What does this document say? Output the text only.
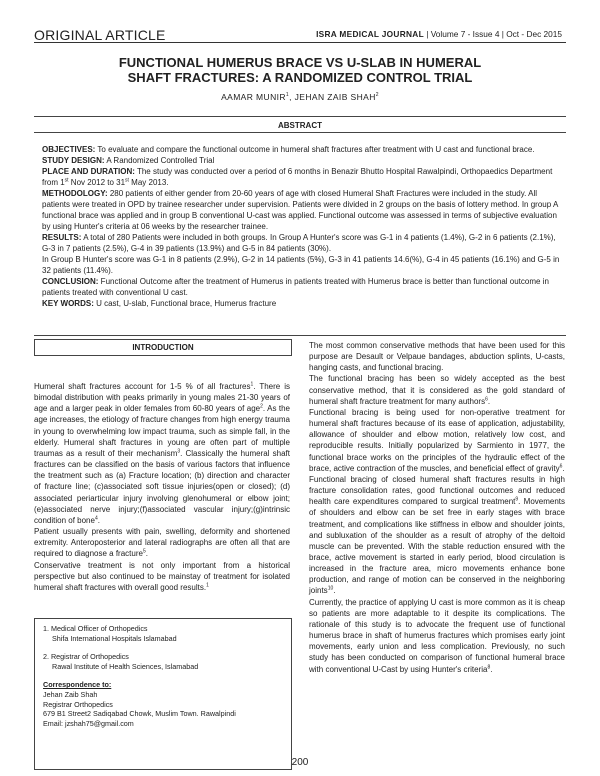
ORIGINAL ARTICLE	ISRA MEDICAL JOURNAL | Volume 7 - Issue 4 | Oct - Dec 2015
FUNCTIONAL HUMERUS BRACE VS U-SLAB IN HUMERAL
SHAFT FRACTURES: A RANDOMIZED CONTROL TRIAL
AAMAR MUNIR$^1$, JEHAN ZAIB SHAH$^2$
ABSTRACT

OBJECTIVES: To evaluate and compare the functional outcome in humeral shaft fractures after treatment with U cast and functional brace.

STUDY DESIGN: A Randomized Controlled Trial

PLACE AND DURATION: The study was conducted over a period of 6 months in Benazir Bhutto Hospital Rawalpindi, Orthopaedics Department from 1st Nov 2012 to 31st May 2013.

METHODOLOGY: 280 patients of either gender from 20-60 years of age with closed Humeral Shaft Fractures were included in the study. All patients were treated in OPD by trainee researcher under supervision. Patients were divided in 2 groups on the basis of lottery method. In group A functional brace was applied and in group B conventional U-cast was applied. Functional outcome was assessed in terms of subjective evaluation by using Hunter's criteria at 06 weeks by the researcher trainee.

RESULTS: A total of 280 Patients were included in both groups. In Group A Hunter's score was G-1 in 4 patients (1.4%), G-2 in 6 patients (2.1%), G-3 in 7 patients (2.5%), G-4 in 39 patients (13.9%) and G-5 in 84 patients (30%).

In Group B Hunter's score was G-1 in 8 patients (2.9%), G-2 in 14 patients (5%), G-3 in 41 patients 14.6(%), G-4 in 45 patients (16.1%) and G-5 in 32 patients (11.4%).

CONCLUSION: Functional Outcome after the treatment of Humerus in patients treated with Humerus brace is better than functional outcome in patients treated with conventional U cast.

KEY WORDS: U cast, U-slab, Functional brace, Humerus fracture

INTRODUCTION

Humeral shaft fractures account for 1-5 % of all fractures$^1$. There is bimodal distribution with peaks primarily in young males 21-30 years of age and a larger peak in older females from 60-80 years of age$^2$. As the age increases, the etiology of fracture changes from high energy trauma in young to overwhelming low impact trauma, such as simple fall, in the elderly. Humeral shaft fractures in young are often part of multiple traumas as a result of their mechanism$^3$. Classically the humeral shaft fractures can be classified on the basis of various factors that influence the treatment such as (a) Fracture location; (b) direction and character of fracture line; (c)associated soft tissue injuries(open or closed); (d) associated periarticular injury involving glenohumeral or elbow joint; (e)associated nerve injury;(f)associated vascular injury;(g)intrinsic condition of bone$^4$.

Patient usually presents with pain, swelling, deformity and shortened extremity. Anteroposterior and lateral radiographs are often all that are required to diagnose a fracture$^5$.

Conservative treatment is not only important from a historical perspective but also continued to be mainstay of treatment for isolated humeral shaft fractures with overall good results.$^1$

The most common conservative methods that have been used for this purpose are Desault or Velpaue bandages, abduction splints, U-casts, hanging casts, and functional bracing.

The functional bracing has been so widely accepted as the best conservative method, that it is considered as the gold standard of humeral shaft fracture treatment for many authors$^6$.

Functional bracing is being used for non-operative treatment for humeral shaft fractures because of its ease of application, adjustability, allowance of shoulder and elbow motion, relatively low cost, and reproducible results. Initially popularized by Sarmiento in 1977, the functional brace works on the principles of the hydraulic effect of the brace, active contraction of the muscles, and beneficial effect of gravity$^6$.

Functional bracing of closed humeral shaft fractures results in high fracture consolidation rates, good functional outcomes and reduced health care expenditures compared to surgical treatment$^9$. Movements of shoulders and elbow can be set free in early stages with brace treatment, and complications like stiffness in elbow and shoulder joints, and subluxation of the shoulder as a result of atrophy of the deltoid muscle can be prevented. With the stable reduction ensured with the brace, active movement is started in early period, blood circulation is increased in the fracture area, micro movements enhance bone production, and range of motion can be conserved in the neighboring joints$^{10}$.

Currently, the practice of applying U cast is more common as it is cheap so patients are more adaptable to it despite its complications. The rationale of this study is to advocate the frequent use of functional humerus brace in shaft of humerus fractures which promises early joint movements, early union and less complication. Previously, no such study has been conducted on comparison of functional humeral brace with conventional U-Cast by using Hunter's criteria$^8$.

1. Medical Officer of Orthopedics

Shifa International Hospitals Islamabad

2. Registrar of Orthopedics

Rawal Institute of Health Sciences, Islamabad

Correspondence to:

Jehan Zaib Shah

Registrar Orthopedics

679 B1 Street2 Sadiqabad Chowk, Muslim Town. Rawalpindi

Email: jzshah75@gmail.com

200
